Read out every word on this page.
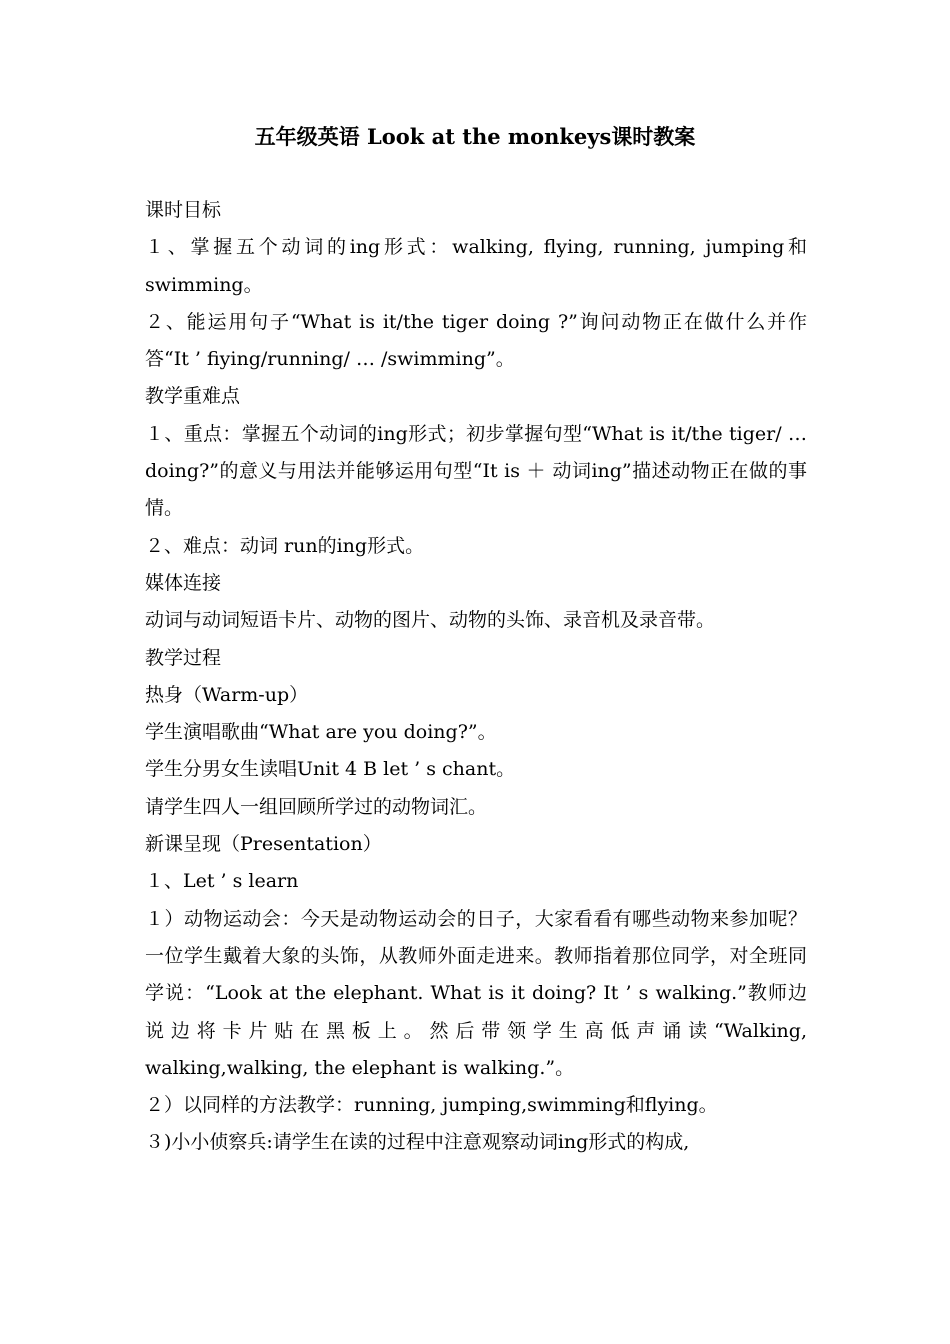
五年级英语 Look at the monkeys课时教案

课时目标

１、掌握五个动词的ing形式：walking, flying, running, jumping和swimming。

２、能运用句子“What is it/the tiger doing ?”询问动物正在做什么并作答“It ’ fiying/running/ … /swimming”。

教学重难点

１、重点：掌握五个动词的ing形式；初步掌握句型“What is it/the tiger/ … doing?”的意义与用法并能够运用句型“It is ＋ 动词ing”描述动物正在做的事情。

２、难点：动词 run的ing形式。

媒体连接

动词与动词短语卡片、动物的图片、动物的头饰、录音机及录音带。

教学过程

热身（Warm-up）

学生演唱歌曲“What are you doing?”。

学生分男女生读唱Unit 4 B let ’ s chant。

请学生四人一组回顾所学过的动物词汇。

新课呈现（Presentation）

１、Let ’ s learn

１）动物运动会：今天是动物运动会的日子，大家看看有哪些动物来参加呢？一位学生戴着大象的头饰，从教师外面走进来。教师指着那位同学，对全班同学说：“Look at the elephant. What is it doing? It ’ s walking.”教师边说边将卡片贴在黑板上。然后带领学生高低声诵读“Walking, walking,walking, the elephant is walking.”。

２）以同样的方法教学：running, jumping,swimming和flying。

３)小小侦察兵:请学生在读的过程中注意观察动词ing形式的构成,
